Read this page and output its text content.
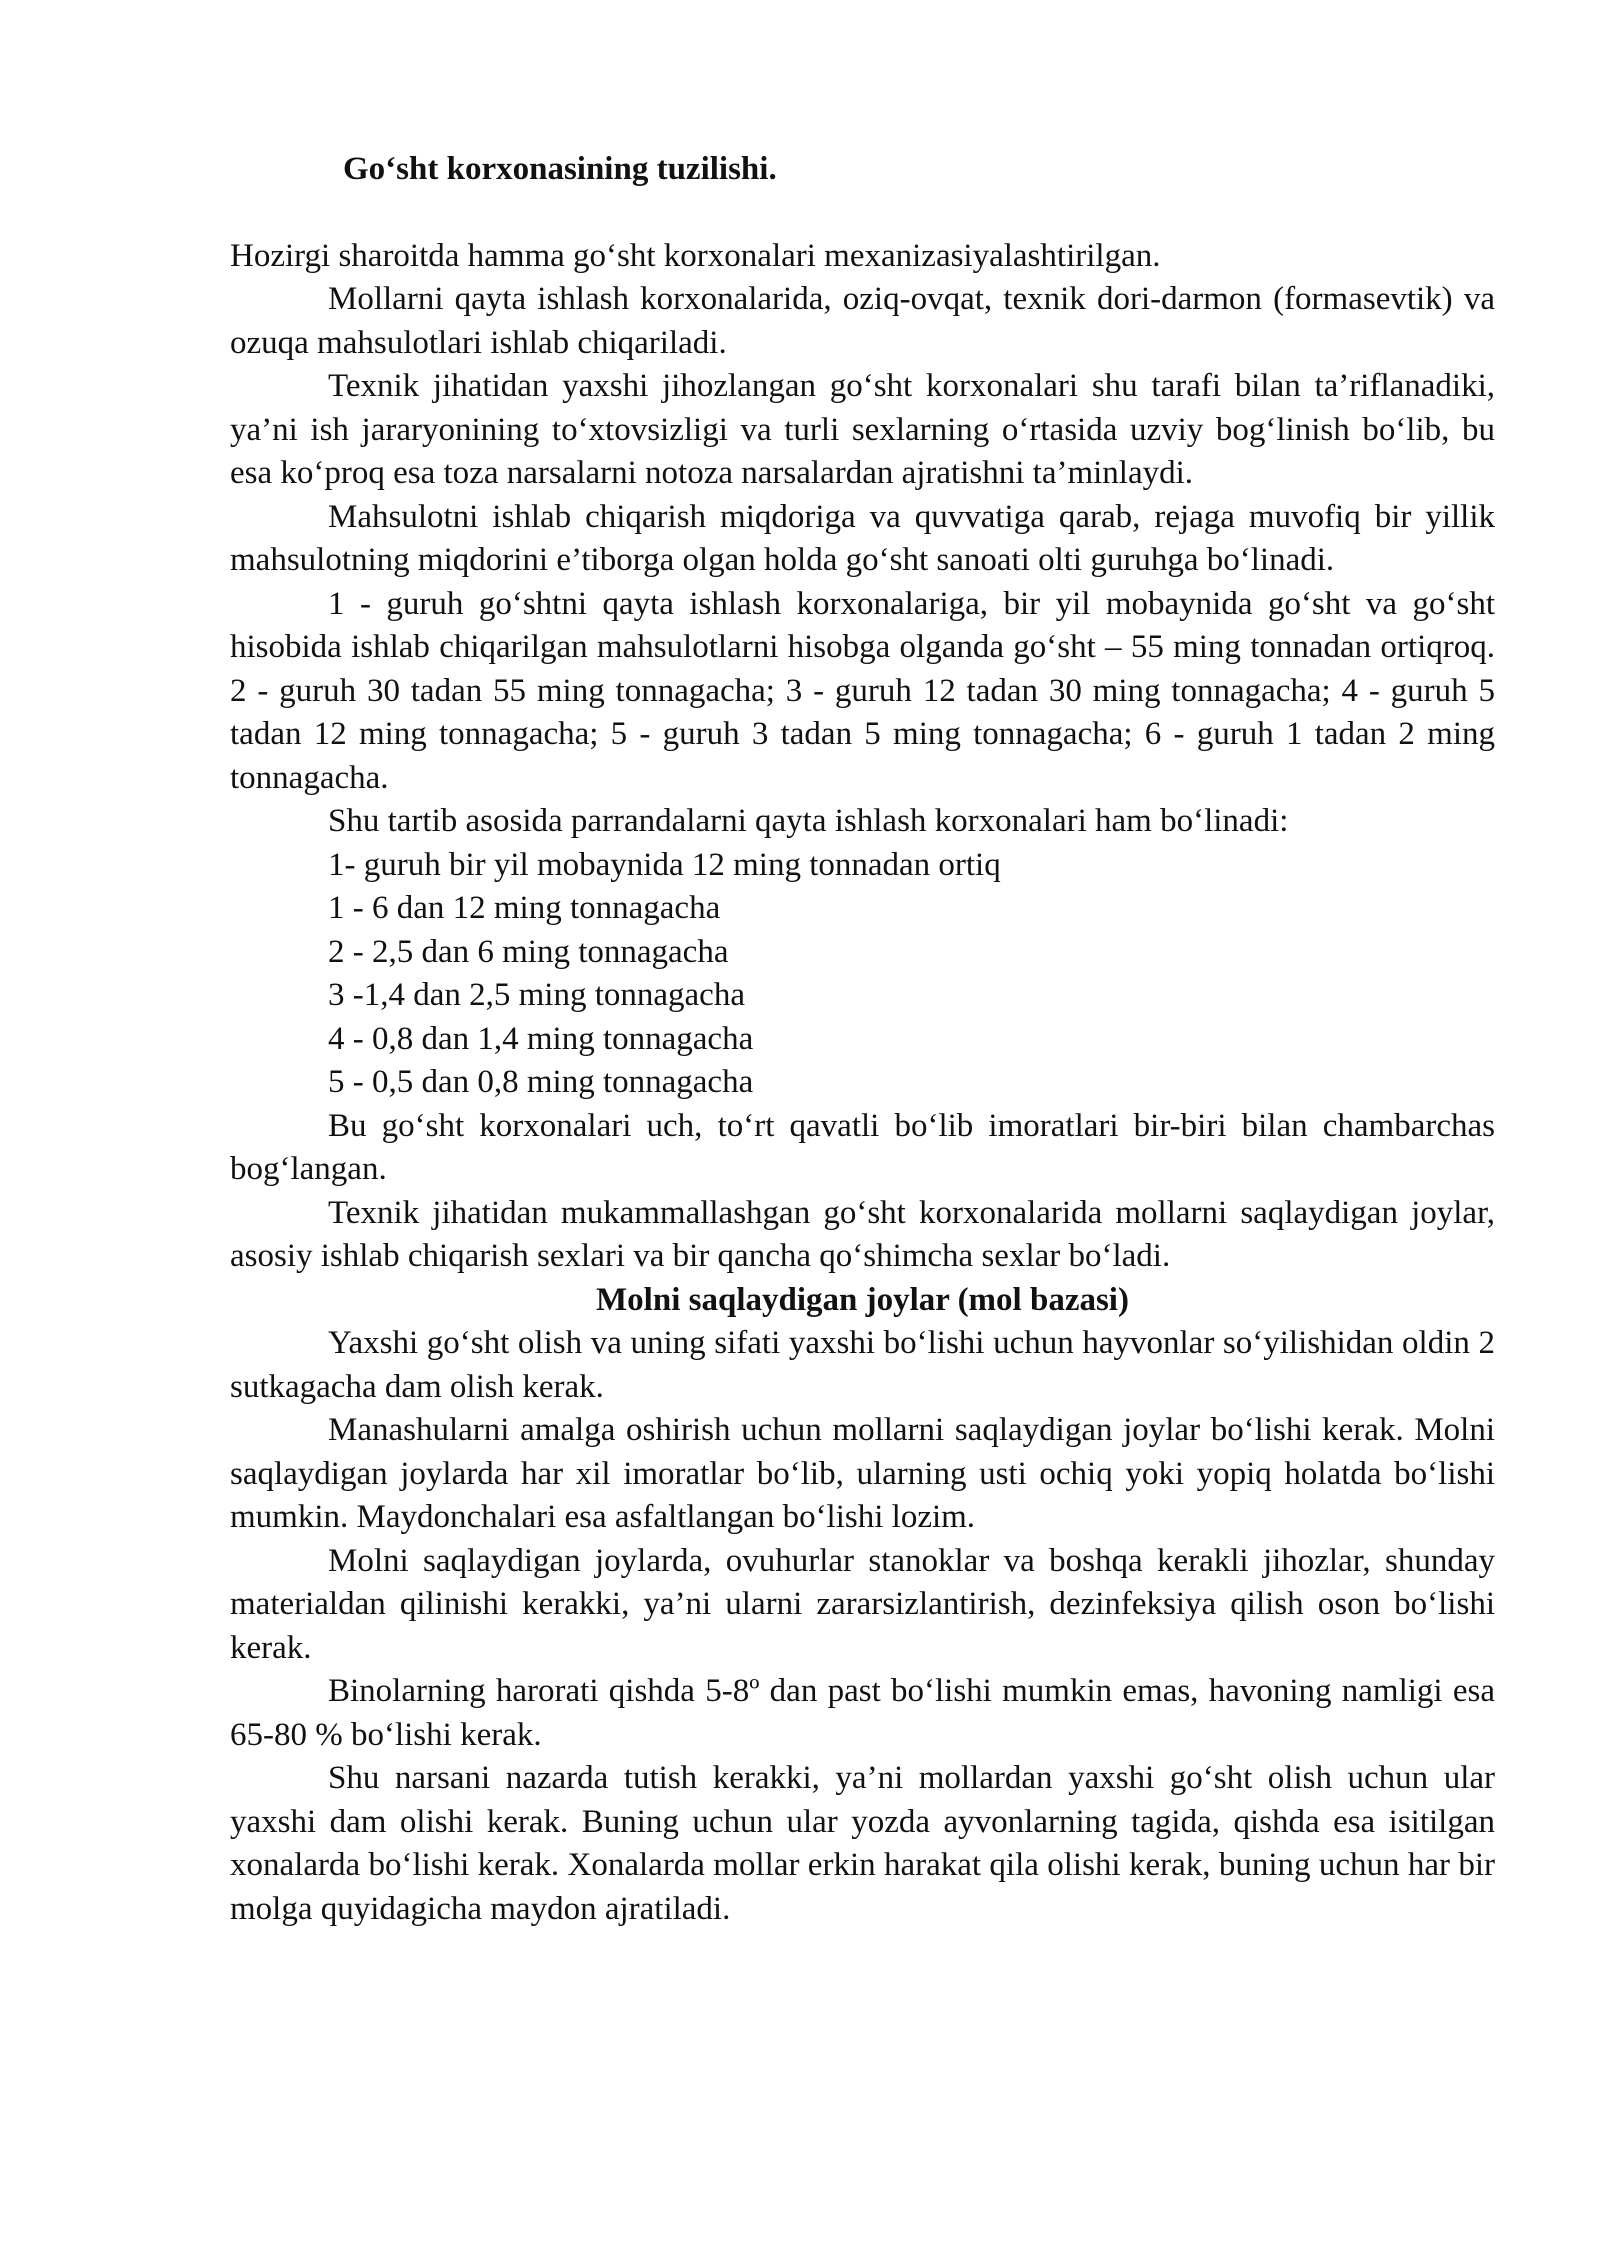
Go‘sht korxonasining tuzilishi.

Hozirgi sharoitda hamma go‘sht korxonalari mexanizasiyalashtirilgan.

Mollarni qayta ishlash korxonalarida, oziq-ovqat, texnik dori-darmon (formasevtik) va ozuqa mahsulotlari ishlab chiqariladi.

Texnik jihatidan yaxshi jihozlangan go‘sht korxonalari shu tarafi bilan ta’riflanadiki, ya’ni ish jararyonining to‘xtovsizligi va turli sexlarning o‘rtasida uzviy bog‘linish bo‘lib, bu esa ko‘proq esa toza narsalarni notoza narsalardan ajratishni ta’minlaydi.

Mahsulotni ishlab chiqarish miqdoriga va quvvatiga qarab, rejaga muvofiq bir yillik mahsulotning miqdorini e’tiborga olgan holda go‘sht sanoati olti guruhga bo‘linadi.

1 - guruh go‘shtni qayta ishlash korxonalariga, bir yil mobaynida go‘sht va go‘sht hisobida ishlab chiqarilgan mahsulotlarni hisobga olganda go‘sht – 55 ming tonnadan ortiqroq. 2 - guruh 30 tadan 55 ming tonnagacha; 3 - guruh 12 tadan 30 ming tonnagacha; 4 - guruh 5 tadan 12 ming tonnagacha; 5 - guruh 3 tadan 5 ming tonnagacha; 6 - guruh 1 tadan 2 ming tonnagacha.

Shu tartib asosida parrandalarni qayta ishlash korxonalari ham bo‘linadi:

1- guruh bir yil mobaynida 12 ming tonnadan ortiq
1 - 6 dan 12 ming tonnagacha
2 - 2,5 dan 6 ming tonnagacha
3 -1,4 dan 2,5 ming tonnagacha
4 - 0,8 dan 1,4 ming tonnagacha
5 - 0,5 dan 0,8 ming tonnagacha

Bu go‘sht korxonalari uch, to‘rt qavatli bo‘lib imoratlari bir-biri bilan chambarchas bog‘langan.

Texnik jihatidan mukammallashgan go‘sht korxonalarida mollarni saqlaydigan joylar, asosiy ishlab chiqarish sexlari va bir qancha qo‘shimcha sexlar bo‘ladi.

Molni saqlaydigan joylar (mol bazasi)

Yaxshi go‘sht olish va uning sifati yaxshi bo‘lishi uchun hayvonlar so‘yilishidan oldin 2 sutkagacha dam olish kerak.

Manashularni amalga oshirish uchun mollarni saqlaydigan joylar bo‘lishi kerak. Molni saqlaydigan joylarda har xil imoratlar bo‘lib, ularning usti ochiq yoki yopiq holatda bo‘lishi mumkin. Maydonchalari esa asfaltlangan bo‘lishi lozim.

Molni saqlaydigan joylarda, ovuhurlar stanoklar va boshqa kerakli jihozlar, shunday materialdan qilinishi kerakki, ya’ni ularni zararsizlantirish, dezinfeksiya qilish oson bo‘lishi kerak.

Binolarning harorati qishda 5-8º dan past bo‘lishi mumkin emas, havoning namligi esa 65-80 % bo‘lishi kerak.

Shu narsani nazarda tutish kerakki, ya’ni mollardan yaxshi go‘sht olish uchun ular yaxshi dam olishi kerak. Buning uchun ular yozda ayvonlarning tagida, qishda esa isitilgan xonalarda bo‘lishi kerak. Xonalarda mollar erkin harakat qila olishi kerak, buning uchun har bir molga quyidagicha maydon ajratiladi.
